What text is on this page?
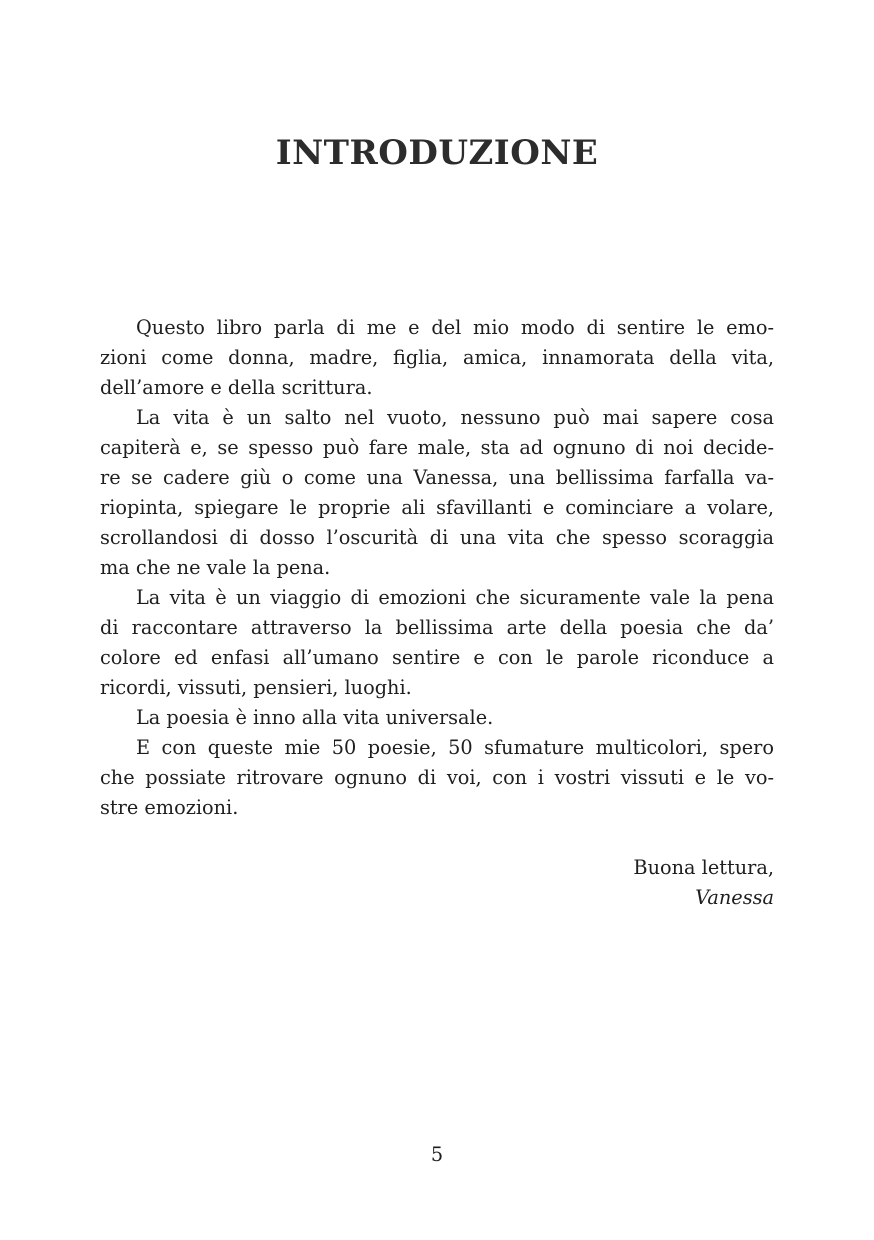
INTRODUZIONE
Questo libro parla di me e del mio modo di sentire le emo-
zioni come donna, madre, figlia, amica, innamorata della vita,
dell’amore e della scrittura.
La vita è un salto nel vuoto, nessuno può mai sapere cosa
capiterà e, se spesso può fare male, sta ad ognuno di noi decide-
re se cadere giù o come una Vanessa, una bellissima farfalla va-
riopinta, spiegare le proprie ali sfavillanti e cominciare a volare,
scrollandosi di dosso l’oscurità di una vita che spesso scoraggia
ma che ne vale la pena.
La vita è un viaggio di emozioni che sicuramente vale la pena
di raccontare attraverso la bellissima arte della poesia che da’
colore ed enfasi all’umano sentire e con le parole riconduce a
ricordi, vissuti, pensieri, luoghi.
La poesia è inno alla vita universale.
E con queste mie 50 poesie, 50 sfumature multicolori, spero
che possiate ritrovare ognuno di voi, con i vostri vissuti e le vo-
stre emozioni.
Buona lettura,
Vanessa
5
